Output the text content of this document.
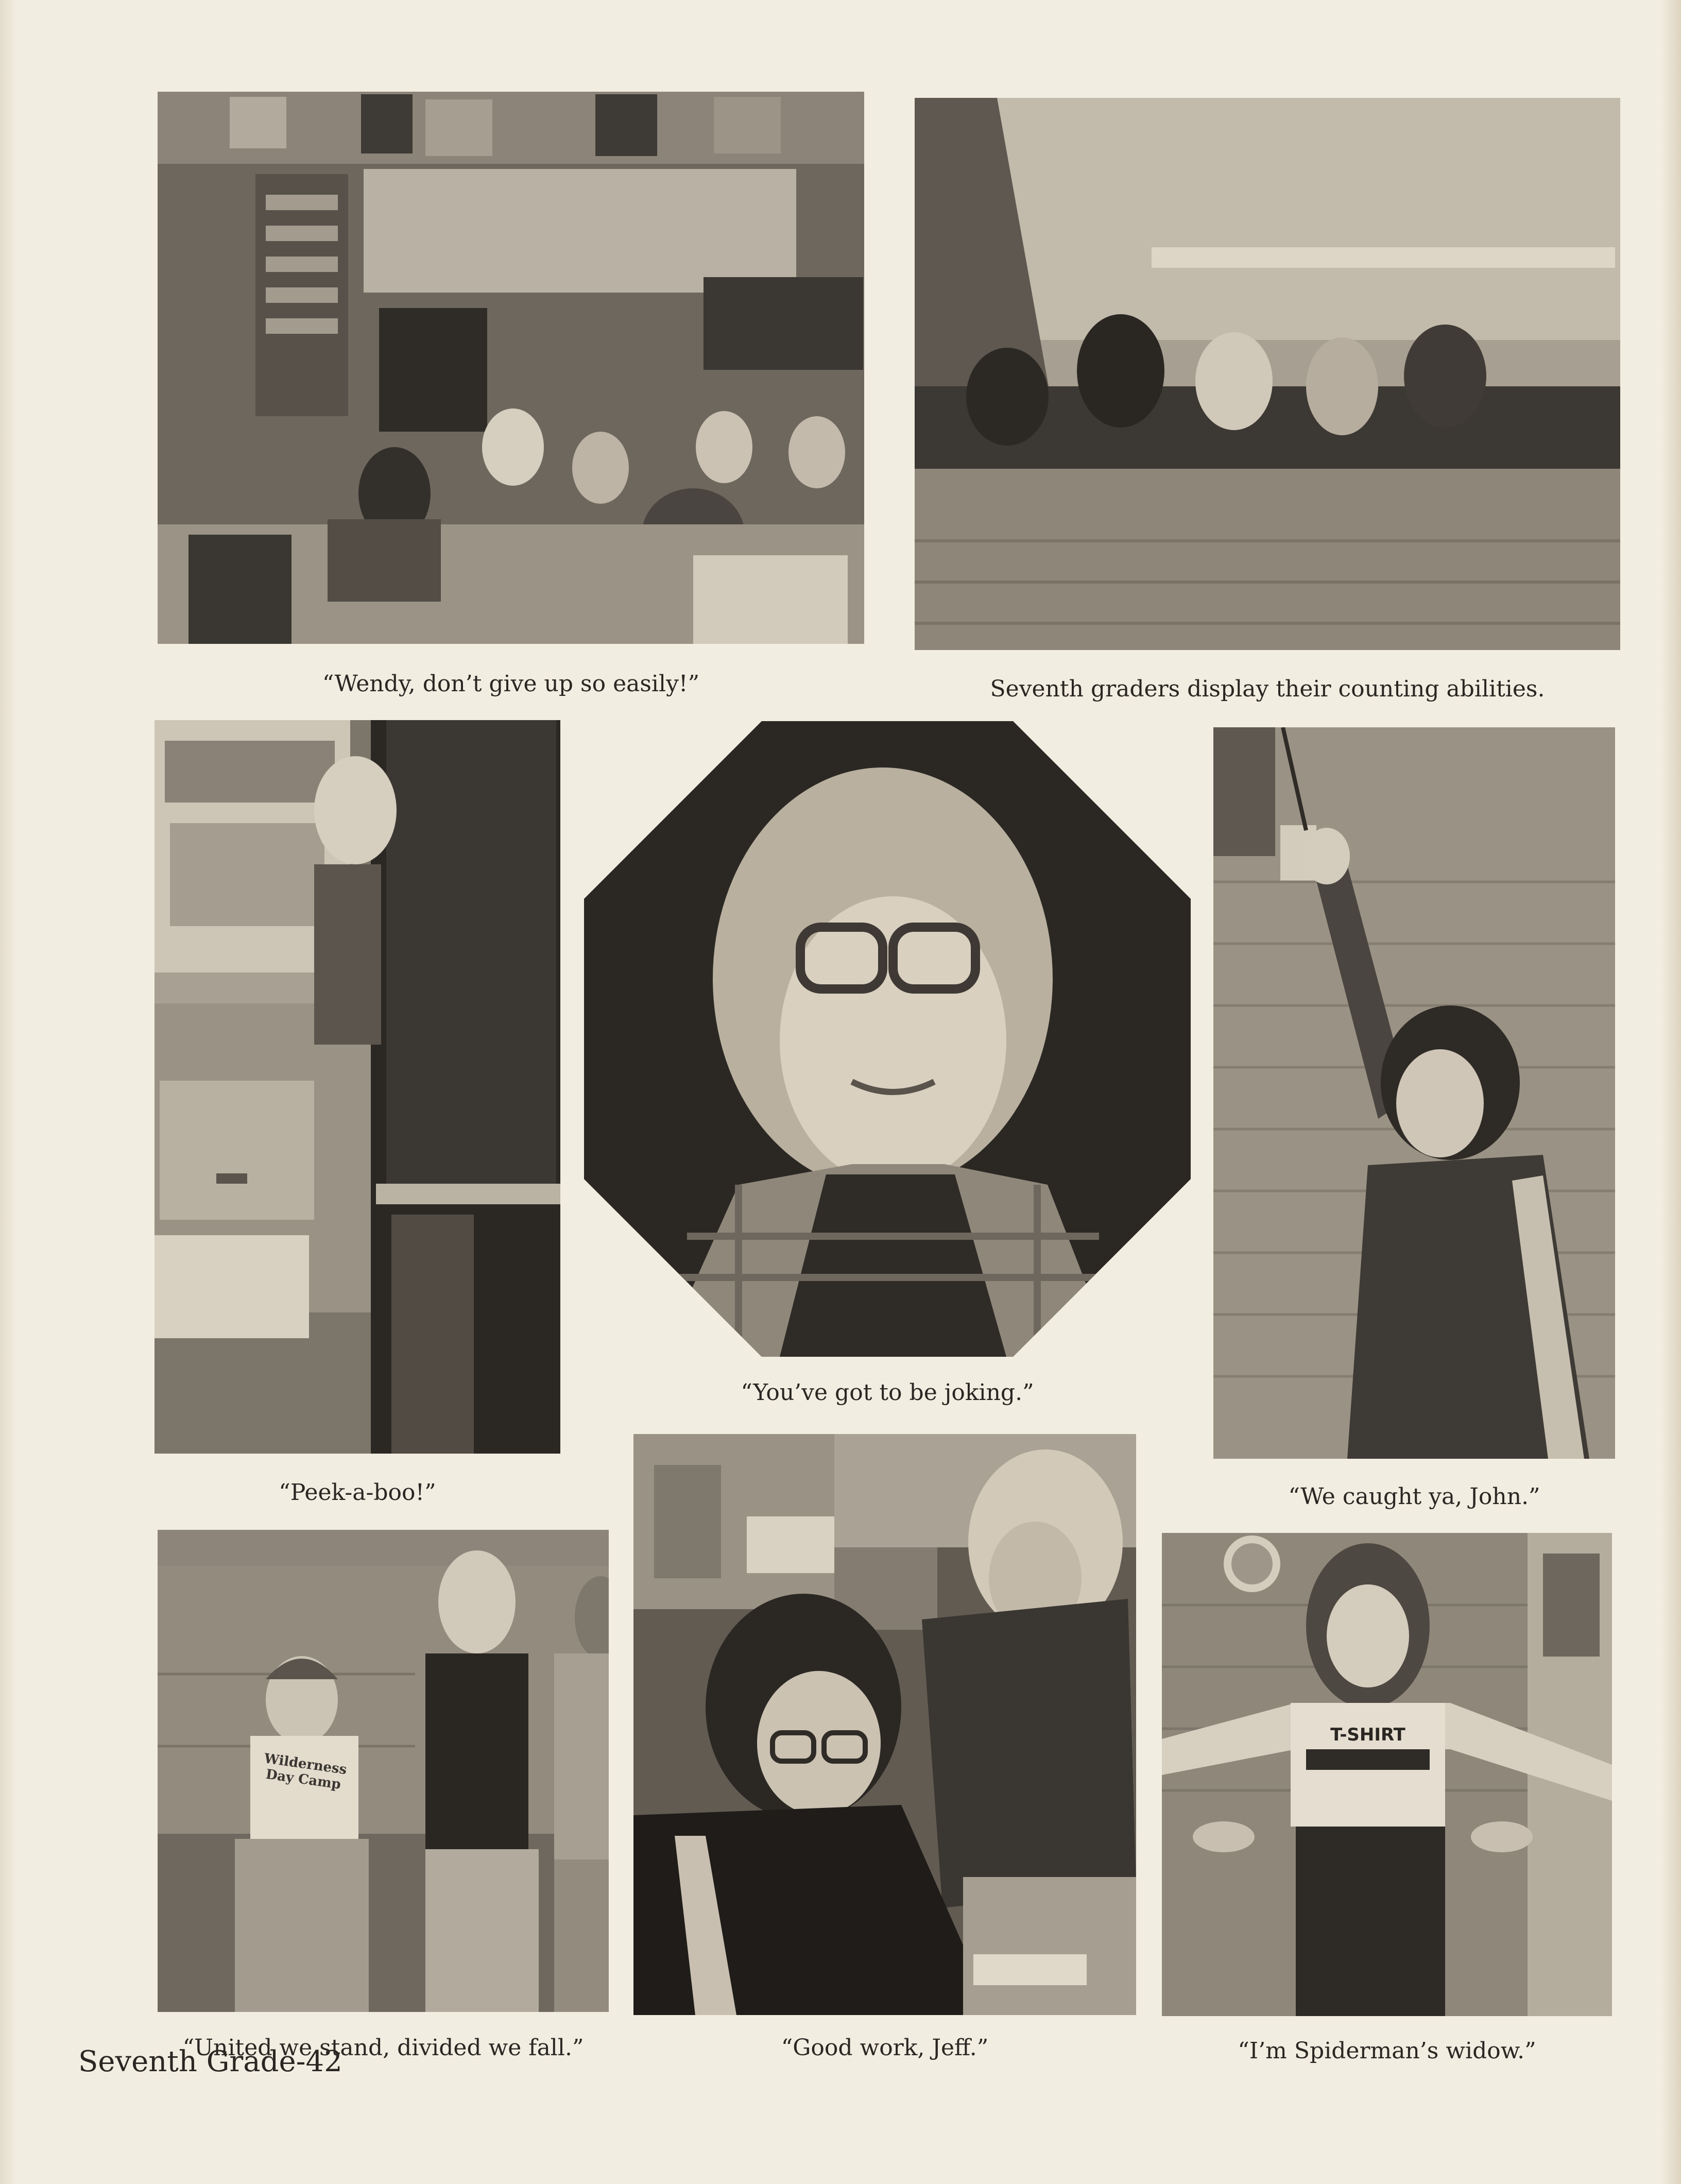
“Wendy, don’t give up so easily!”	Seventh graders display their counting abilities.
“Peek-a-boo!”
“You’ve got to be joking.”
“We caught ya, John.”
Wilderness Day Camp
“United we stand, divided we fall.”	“Good work, Jeff.”
T-SHIRT
“I’m Spiderman’s widow.”
Seventh Grade-42
